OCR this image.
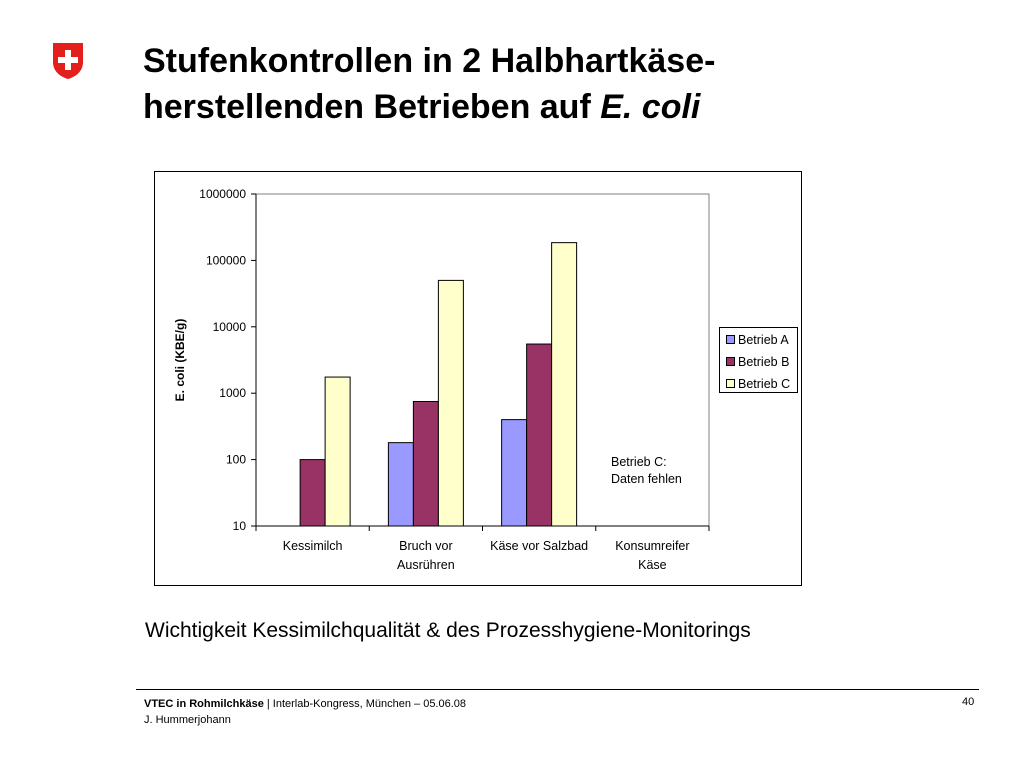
Stufenkontrollen in 2 Halbhartkäse-
herstellenden Betrieben auf E. coli
10
100
1000
10000
100000
1000000
E. coli (KBE/g)
Kessimilch	Bruch vor
Ausrühren
Käse vor Salzbad Konsumreifer
Käse
Betrieb A
Betrieb B
Betrieb C
Betrieb C:
Daten fehlen
Wichtigkeit Kessimilchqualität & des Prozesshygiene-Monitorings
VTEC in Rohmilchkäse | Interlab-Kongress, München – 05.06.08
J. Hummerjohann
40
